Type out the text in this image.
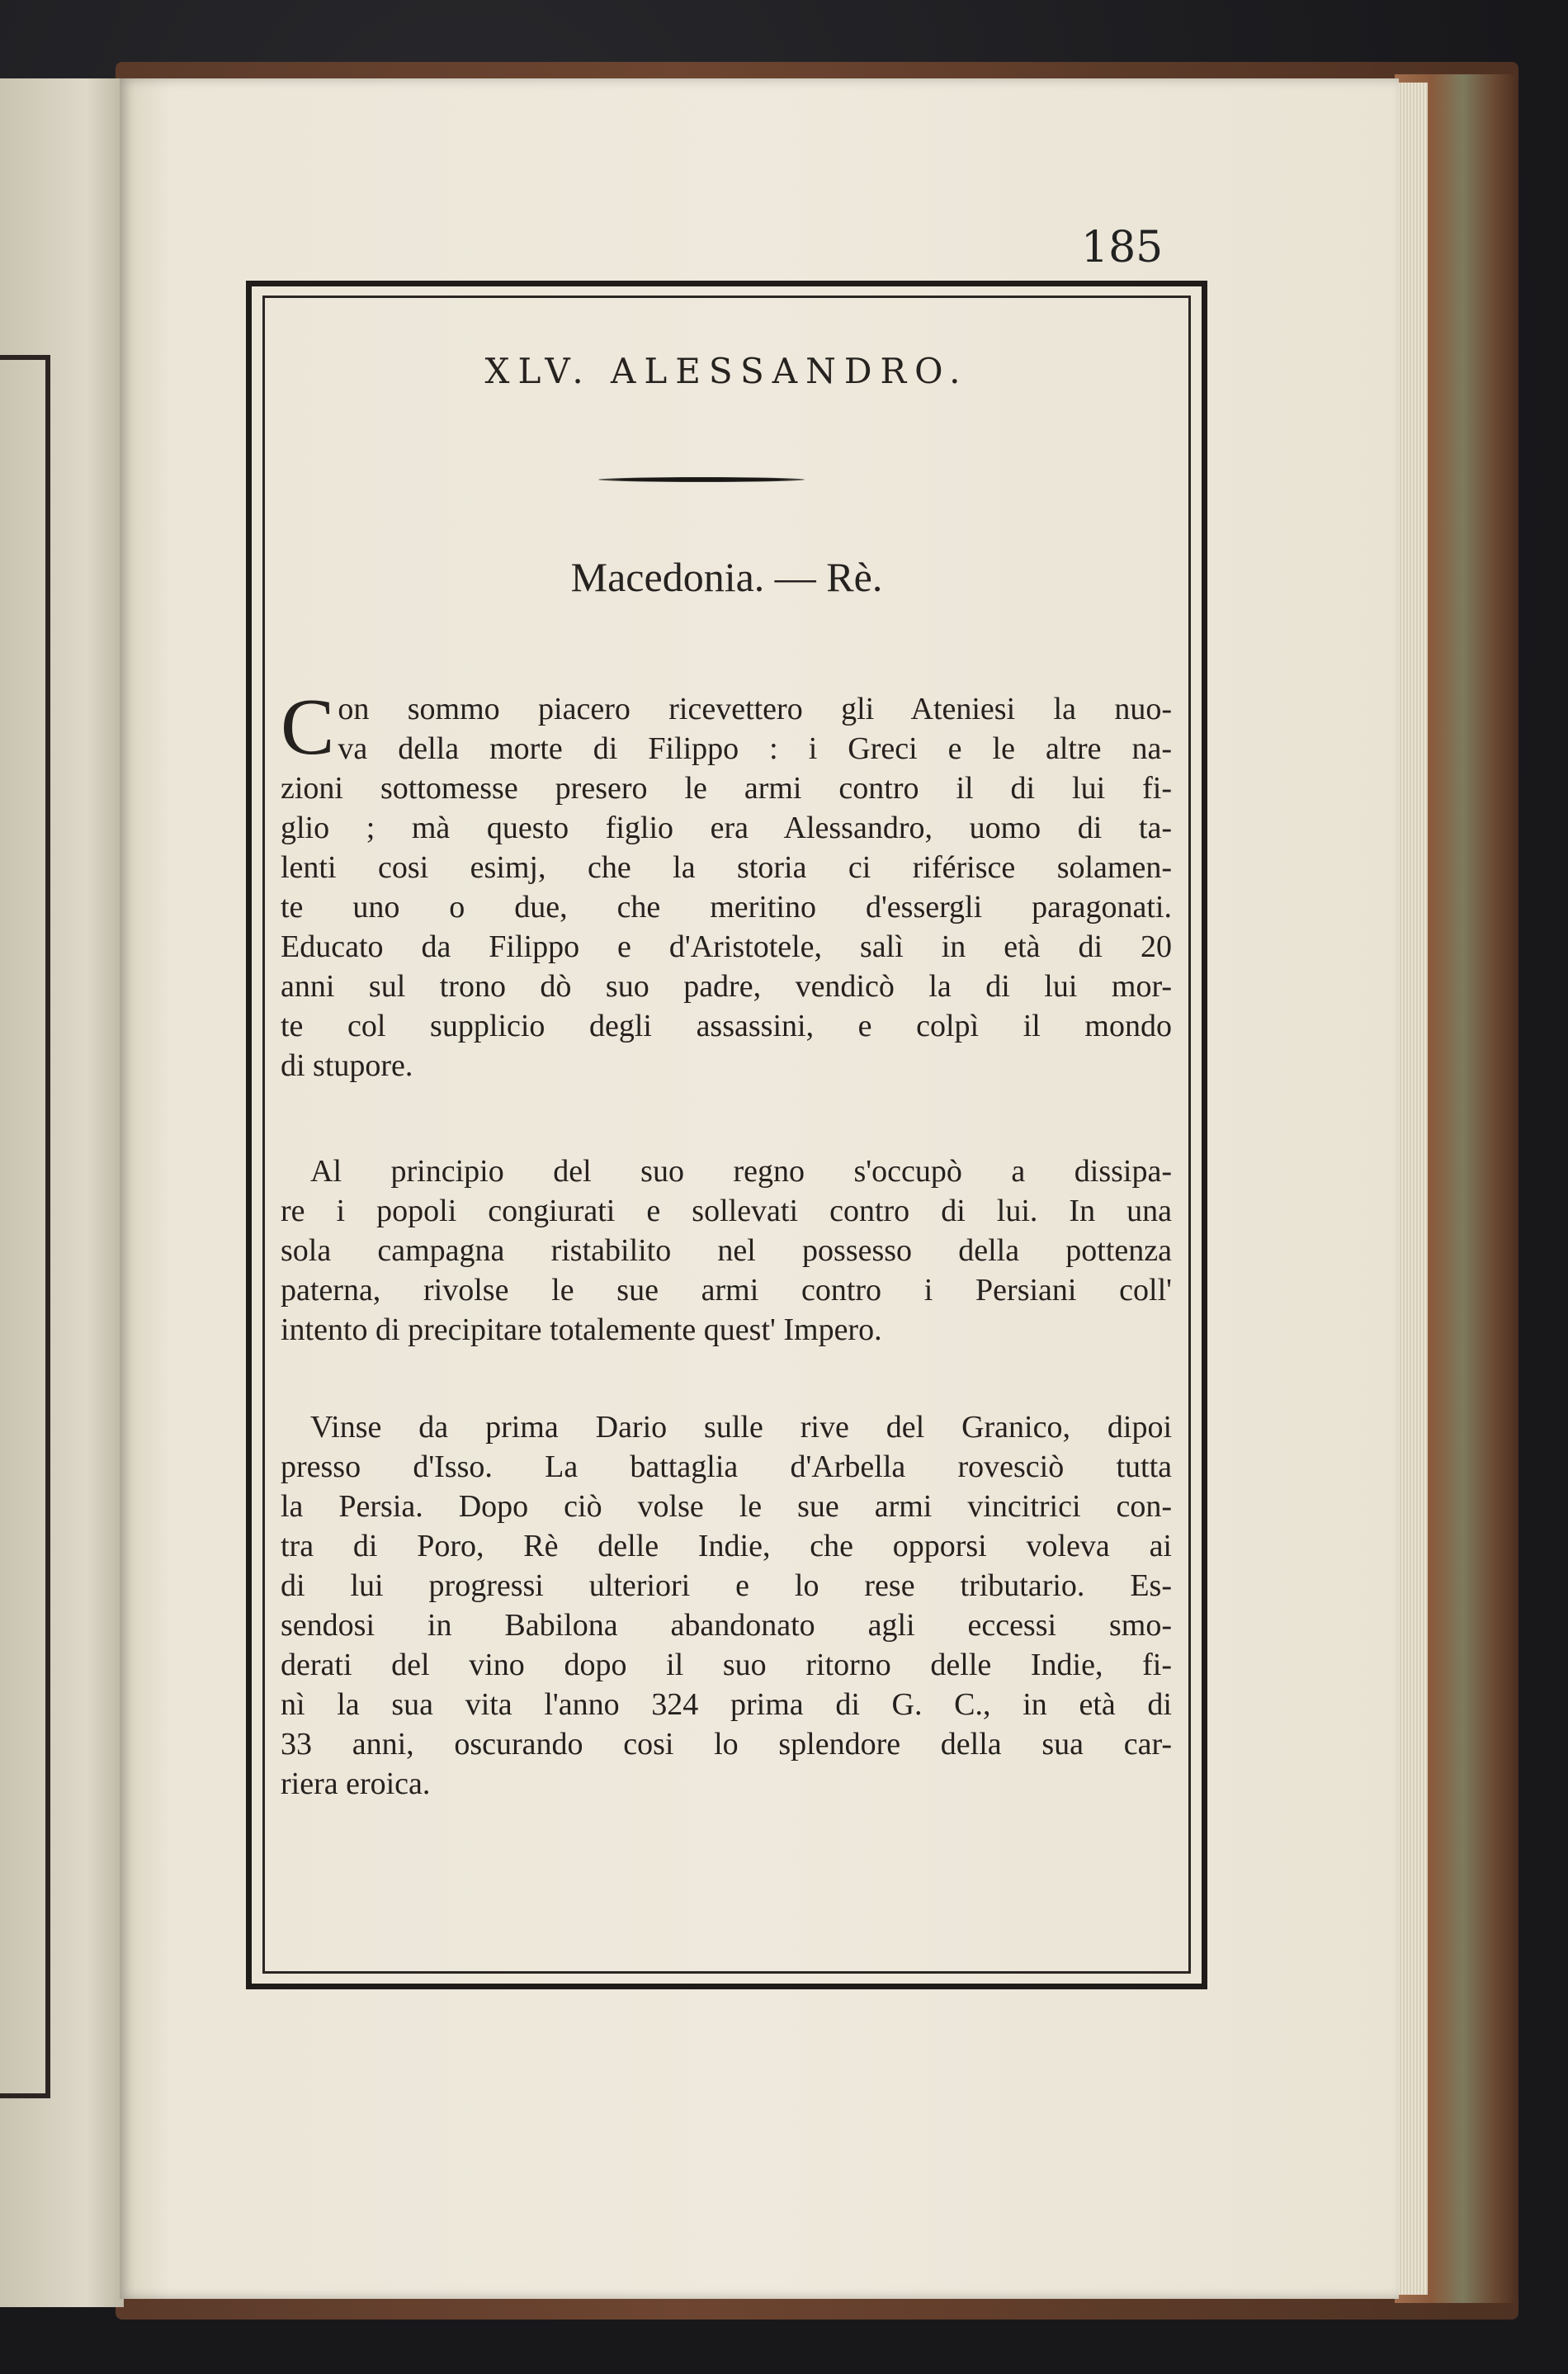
185
XLV. ALESSANDRO.
Macedonia. — Rè.
C on sommo piacero ricevettero gli Ateniesi la nuo-
va della morte di Filippo : i Greci e le altre na-
zioni sottomesse presero le armi contro il di lui fi-
glio ; mà questo figlio era Alessandro, uomo di ta-
lenti cosi esimj, che la storia ci riférisce solamen-
te uno o due, che meritino d'essergli paragonati.
Educato da Filippo e d'Aristotele, salì in età di 20
anni sul trono dò suo padre, vendicò la di lui mor-
te col supplicio degli assassini, e colpì il mondo
di stupore.
Al principio del suo regno s'occupò a dissipa-
re i popoli congiurati e sollevati contro di lui. In una
sola campagna ristabilito nel possesso della pottenza
paterna, rivolse le sue armi contro i Persiani coll'
intento di precipitare totalemente quest' Impero.
Vinse da prima Dario sulle rive del Granico, dipoi
presso d'Isso. La battaglia d'Arbella rovesciò tutta
la Persia. Dopo ciò volse le sue armi vincitrici con-
tra di Poro, Rè delle Indie, che opporsi voleva ai
di lui progressi ulteriori e lo rese tributario. Es-
sendosi in Babilona abandonato agli eccessi smo-
derati del vino dopo il suo ritorno delle Indie, fi-
nì la sua vita l'anno 324 prima di G. C., in età di
33 anni, oscurando cosi lo splendore della sua car-
riera eroica.
